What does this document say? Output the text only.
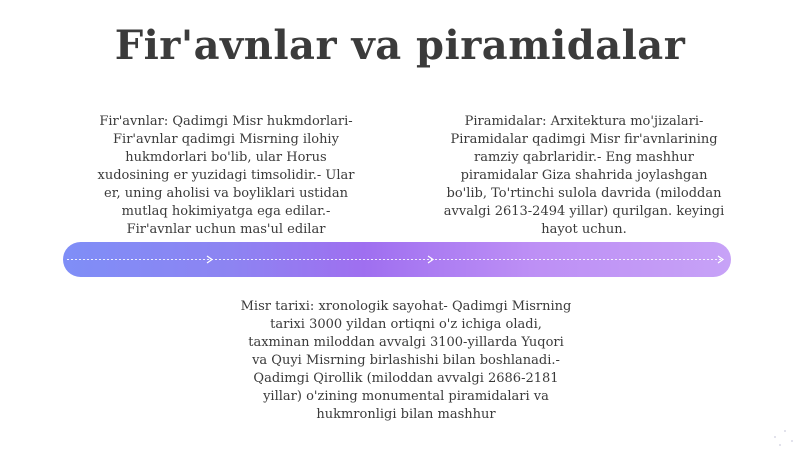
Fir'avnlar va piramidalar

Fir'avnlar: Qadimgi Misr hukmdorlari-
Fir'avnlar qadimgi Misrning ilohiy
hukmdorlari bo'lib, ular Horus
xudosining er yuzidagi timsolidir.- Ular
er, uning aholisi va boyliklari ustidan
mutlaq hokimiyatga ega edilar.-
Fir'avnlar uchun mas'ul edilar

Piramidalar: Arxitektura mo'jizalari-
Piramidalar qadimgi Misr fir'avnlarining
ramziy qabrlaridir.- Eng mashhur
piramidalar Giza shahrida joylashgan
bo'lib, To'rtinchi sulola davrida (miloddan
avvalgi 2613-2494 yillar) qurilgan. keyingi
hayot uchun.

Misr tarixi: xronologik sayohat- Qadimgi Misrning
tarixi 3000 yildan ortiqni o'z ichiga oladi,
taxminan miloddan avvalgi 3100-yillarda Yuqori
va Quyi Misrning birlashishi bilan boshlanadi.-
Qadimgi Qirollik (miloddan avvalgi 2686-2181
yillar) o'zining monumental piramidalari va
hukmronligi bilan mashhur
